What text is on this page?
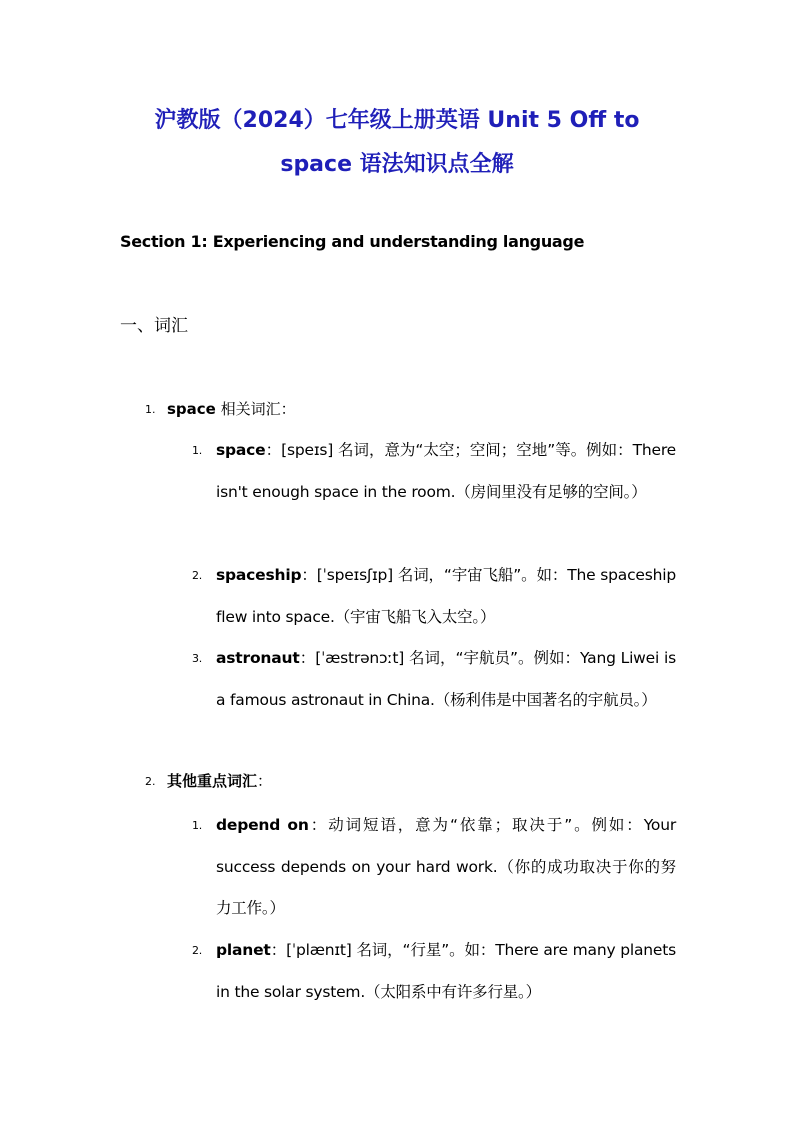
沪教版（2024）七年级上册英语 Unit 5 Off to
space 语法知识点全解
Section 1: Experiencing and understanding language
一、词汇
1. space 相关词汇：
1. space：[speɪs] 名词，意为“太空；空间；空地”等。例如：There isn't enough space in the room.（房间里没有足够的空间。）
2. spaceship：[ˈspeɪsʃɪp] 名词，“宇宙飞船”。如：The spaceship flew into space.（宇宙飞船飞入太空。）
3. astronaut：[ˈæstrənɔːt] 名词，“宇航员”。例如：Yang Liwei is a famous astronaut in China.（杨利伟是中国著名的宇航员。）
2. 其他重点词汇：
1. depend on：动词短语，意为“依靠；取决于”。例如：Your success depends on your hard work.（你的成功取决于你的努力工作。）
2. planet：[ˈplænɪt] 名词，“行星”。如：There are many planets in the solar system.（太阳系中有许多行星。）
